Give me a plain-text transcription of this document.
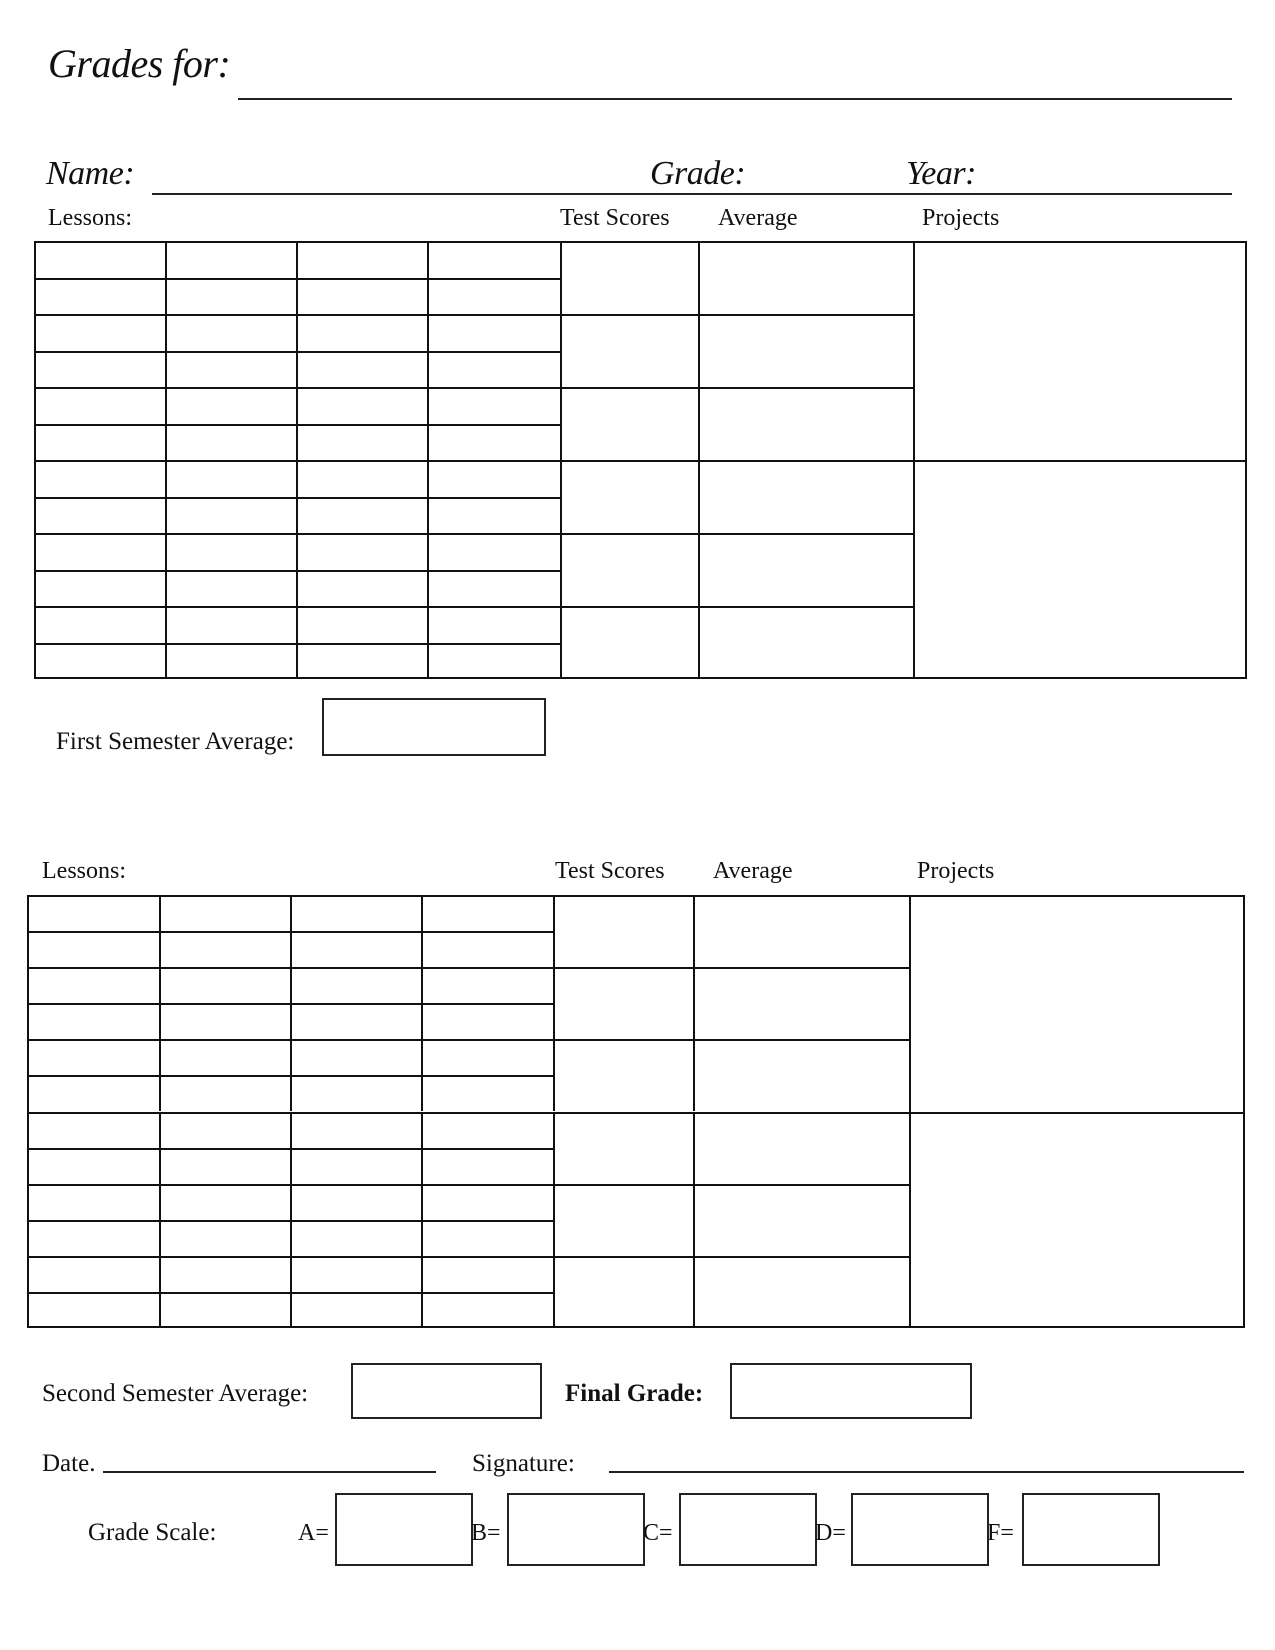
Grades for:
Name:	Grade:	Year:
Lessons:	Test Scores Average	Projects
First Semester Average:
Lessons:	Test Scores Average	Projects
Second Semester Average:	Final Grade:
Date.	Signature:
Grade Scale:	A=	B=	C=	D=	F=
